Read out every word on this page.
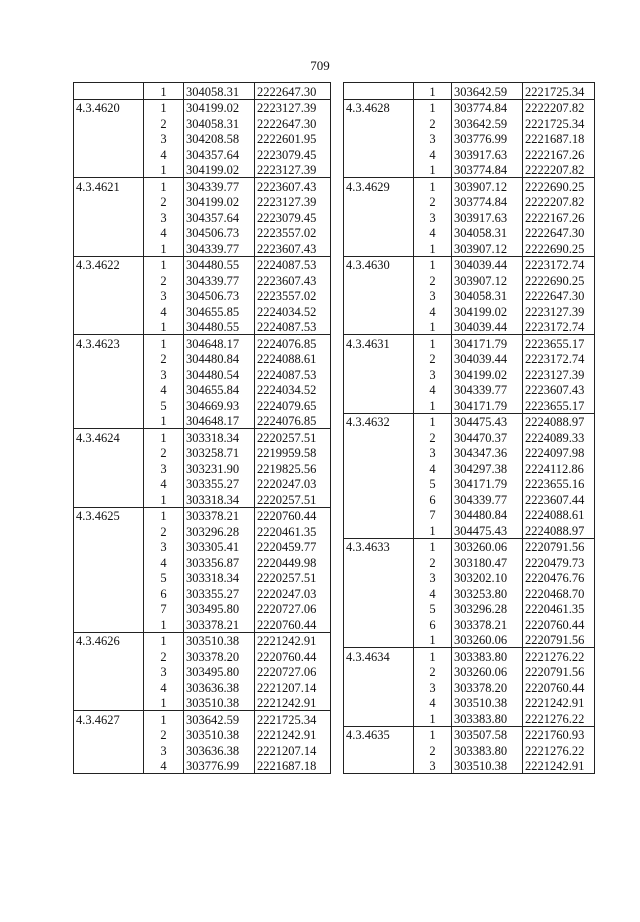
709
	1	304058.31	2222647.30
4.3.4620	1	304199.02	2223127.39
	2	304058.31	2222647.30
	3	304208.58	2222601.95
	4	304357.64	2223079.45
	1	304199.02	2223127.39
4.3.4621	1	304339.77	2223607.43
	2	304199.02	2223127.39
	3	304357.64	2223079.45
	4	304506.73	2223557.02
	1	304339.77	2223607.43
4.3.4622	1	304480.55	2224087.53
	2	304339.77	2223607.43
	3	304506.73	2223557.02
	4	304655.85	2224034.52
	1	304480.55	2224087.53
4.3.4623	1	304648.17	2224076.85
	2	304480.84	2224088.61
	3	304480.54	2224087.53
	4	304655.84	2224034.52
	5	304669.93	2224079.65
	1	304648.17	2224076.85
4.3.4624	1	303318.34	2220257.51
	2	303258.71	2219959.58
	3	303231.90	2219825.56
	4	303355.27	2220247.03
	1	303318.34	2220257.51
4.3.4625	1	303378.21	2220760.44
	2	303296.28	2220461.35
	3	303305.41	2220459.77
	4	303356.87	2220449.98
	5	303318.34	2220257.51
	6	303355.27	2220247.03
	7	303495.80	2220727.06
	1	303378.21	2220760.44
4.3.4626	1	303510.38	2221242.91
	2	303378.20	2220760.44
	3	303495.80	2220727.06
	4	303636.38	2221207.14
	1	303510.38	2221242.91
4.3.4627	1	303642.59	2221725.34
	2	303510.38	2221242.91
	3	303636.38	2221207.14
	4	303776.99	2221687.18
	1	303642.59	2221725.34
4.3.4628	1	303774.84	2222207.82
	2	303642.59	2221725.34
	3	303776.99	2221687.18
	4	303917.63	2222167.26
	1	303774.84	2222207.82
4.3.4629	1	303907.12	2222690.25
	2	303774.84	2222207.82
	3	303917.63	2222167.26
	4	304058.31	2222647.30
	1	303907.12	2222690.25
4.3.4630	1	304039.44	2223172.74
	2	303907.12	2222690.25
	3	304058.31	2222647.30
	4	304199.02	2223127.39
	1	304039.44	2223172.74
4.3.4631	1	304171.79	2223655.17
	2	304039.44	2223172.74
	3	304199.02	2223127.39
	4	304339.77	2223607.43
	1	304171.79	2223655.17
4.3.4632	1	304475.43	2224088.97
	2	304470.37	2224089.33
	3	304347.36	2224097.98
	4	304297.38	2224112.86
	5	304171.79	2223655.16
	6	304339.77	2223607.44
	7	304480.84	2224088.61
	1	304475.43	2224088.97
4.3.4633	1	303260.06	2220791.56
	2	303180.47	2220479.73
	3	303202.10	2220476.76
	4	303253.80	2220468.70
	5	303296.28	2220461.35
	6	303378.21	2220760.44
	1	303260.06	2220791.56
4.3.4634	1	303383.80	2221276.22
	2	303260.06	2220791.56
	3	303378.20	2220760.44
	4	303510.38	2221242.91
	1	303383.80	2221276.22
4.3.4635	1	303507.58	2221760.93
	2	303383.80	2221276.22
	3	303510.38	2221242.91
